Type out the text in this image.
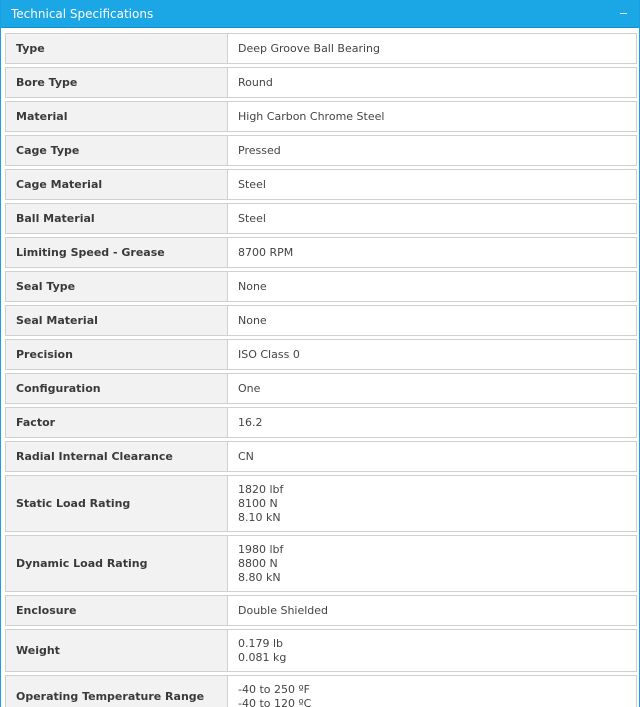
Technical Specifications
Type	Deep Groove Ball Bearing

Bore Type	Round

Material	High Carbon Chrome Steel

Cage Type	Pressed

Cage Material	Steel

Ball Material	Steel

Limiting Speed - Grease	8700 RPM

Seal Type	None

Seal Material	None

Precision	ISO Class 0

Configuration	One

Factor	16.2

Radial Internal Clearance	CN

Static Load Rating	1820 lbf
8100 N
8.10 kN

Dynamic Load Rating	1980 lbf
8800 N
8.80 kN

Enclosure	Double Shielded

Weight	0.179 lb
0.081 kg

Operating Temperature Range	-40 to 250 ºF
-40 to 120 ºC
